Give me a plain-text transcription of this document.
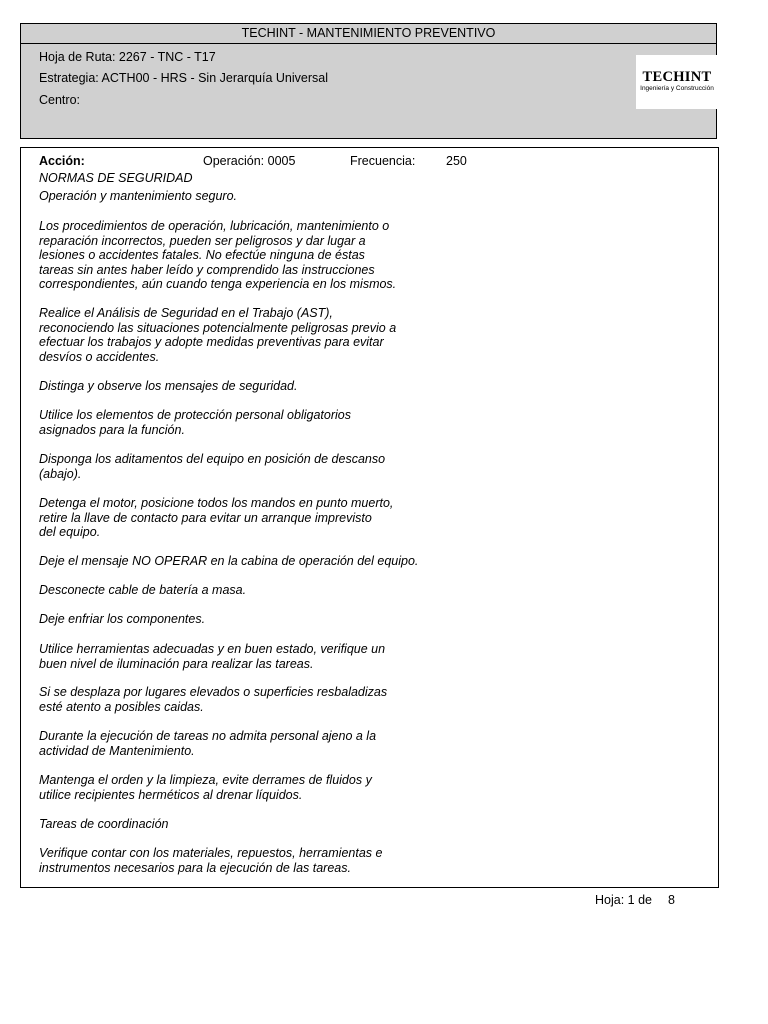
TECHINT - MANTENIMIENTO PREVENTIVO
Hoja de Ruta: 2267 - TNC - T17
Estrategia: ACTH00 - HRS - Sin Jerarquía Universal
Centro:
TECHINT
Ingeniería y Construcción
Acción:	Operación: 0005	Frecuencia: 250
NORMAS DE SEGURIDAD

Operación y mantenimiento seguro.

Los procedimientos de operación, lubricación, mantenimiento o
reparación incorrectos, pueden ser peligrosos y dar lugar a
lesiones o accidentes fatales. No efectúe ninguna de éstas
tareas sin antes haber leído y comprendido las instrucciones
correspondientes, aún cuando tenga experiencia en los mismos.

Realice el Análisis de Seguridad en el Trabajo (AST),
reconociendo las situaciones potencialmente peligrosas previo a
efectuar los trabajos y adopte medidas preventivas para evitar
desvíos o accidentes.

Distinga y observe los mensajes de seguridad.

Utilice los elementos de protección personal obligatorios
asignados para la función.

Disponga los aditamentos del equipo en posición de descanso
(abajo).

Detenga el motor, posicione todos los mandos en punto muerto,
retire la llave de contacto para evitar un arranque imprevisto
del equipo.

Deje el mensaje NO OPERAR en la cabina de operación del equipo.

Desconecte cable de batería a masa.

Deje enfriar los componentes.

Utilice herramientas adecuadas y en buen estado, verifique un
buen nivel de iluminación para realizar las tareas.

Si se desplaza por lugares elevados o superficies resbaladizas
esté atento a posibles caidas.

Durante la ejecución de tareas no admita personal ajeno a la
actividad de Mantenimiento.

Mantenga el orden y la limpieza, evite derrames de fluidos y
utilice recipientes herméticos al drenar líquidos.

Tareas de coordinación

Verifique contar con los materiales, repuestos, herramientas e
instrumentos necesarios para la ejecución de las tareas.

Hoja: 1 de 8
